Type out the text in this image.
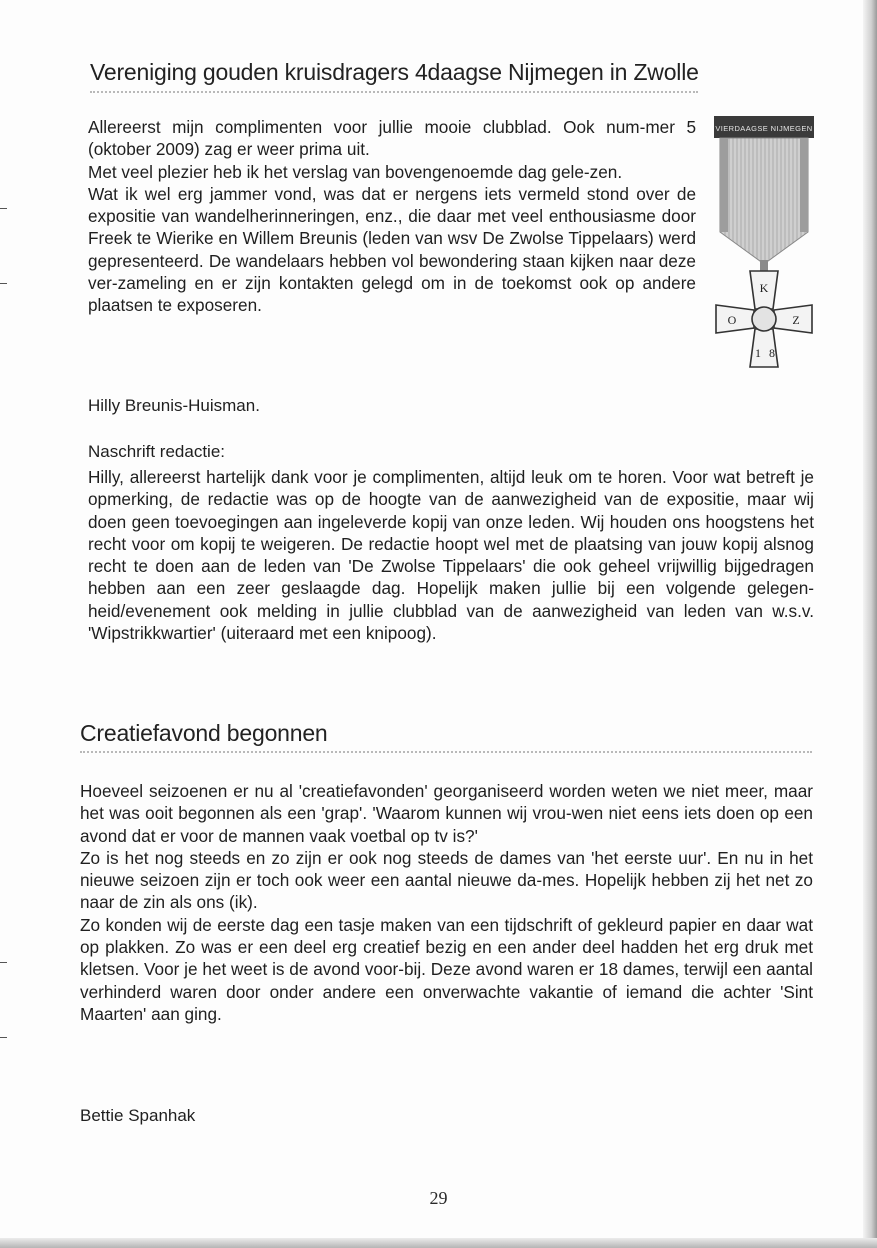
Vereniging gouden kruisdragers 4daagse Nijmegen in Zwolle

Allereerst mijn complimenten voor jullie mooie clubblad. Ook num-mer 5 (oktober 2009) zag er weer prima uit.

Met veel plezier heb ik het verslag van bovengenoemde dag gele-zen.

Wat ik wel erg jammer vond, was dat er nergens iets vermeld stond over de expositie van wandelherinneringen, enz., die daar met veel enthousiasme door Freek te Wierike en Willem Breunis (leden van wsv De Zwolse Tippelaars) werd gepresenteerd. De wandelaars hebben vol bewondering staan kijken naar deze ver-zameling en er zijn kontakten gelegd om in de toekomst ook op andere plaatsen te exposeren.

VIERDAAGSE NIJMEGEN
K
O	Z
1 8

Hilly Breunis-Huisman.

Naschrift redactie:

Hilly, allereerst hartelijk dank voor je complimenten, altijd leuk om te horen. Voor wat betreft je opmerking, de redactie was op de hoogte van de aanwezigheid van de expositie, maar wij doen geen toevoegingen aan ingeleverde kopij van onze leden. Wij houden ons hoogstens het recht voor om kopij te weigeren. De redactie hoopt wel met de plaatsing van jouw kopij alsnog recht te doen aan de leden van 'De Zwolse Tippelaars' die ook geheel vrijwillig bijgedragen hebben aan een zeer geslaagde dag. Hopelijk maken jullie bij een volgende gelegen-heid/evenement ook melding in jullie clubblad van de aanwezigheid van leden van w.s.v. 'Wipstrikkwartier' (uiteraard met een knipoog).

Creatiefavond begonnen

Hoeveel seizoenen er nu al 'creatiefavonden' georganiseerd worden weten we niet meer, maar het was ooit begonnen als een 'grap'. 'Waarom kunnen wij vrou-wen niet eens iets doen op een avond dat er voor de mannen vaak voetbal op tv is?'

Zo is het nog steeds en zo zijn er ook nog steeds de dames van 'het eerste uur'. En nu in het nieuwe seizoen zijn er toch ook weer een aantal nieuwe da-mes. Hopelijk hebben zij het net zo naar de zin als ons (ik).

Zo konden wij de eerste dag een tasje maken van een tijdschrift of gekleurd papier en daar wat op plakken. Zo was er een deel erg creatief bezig en een ander deel hadden het erg druk met kletsen. Voor je het weet is de avond voor-bij. Deze avond waren er 18 dames, terwijl een aantal verhinderd waren door onder andere een onverwachte vakantie of iemand die achter 'Sint Maarten' aan ging.

Bettie Spanhak

29
